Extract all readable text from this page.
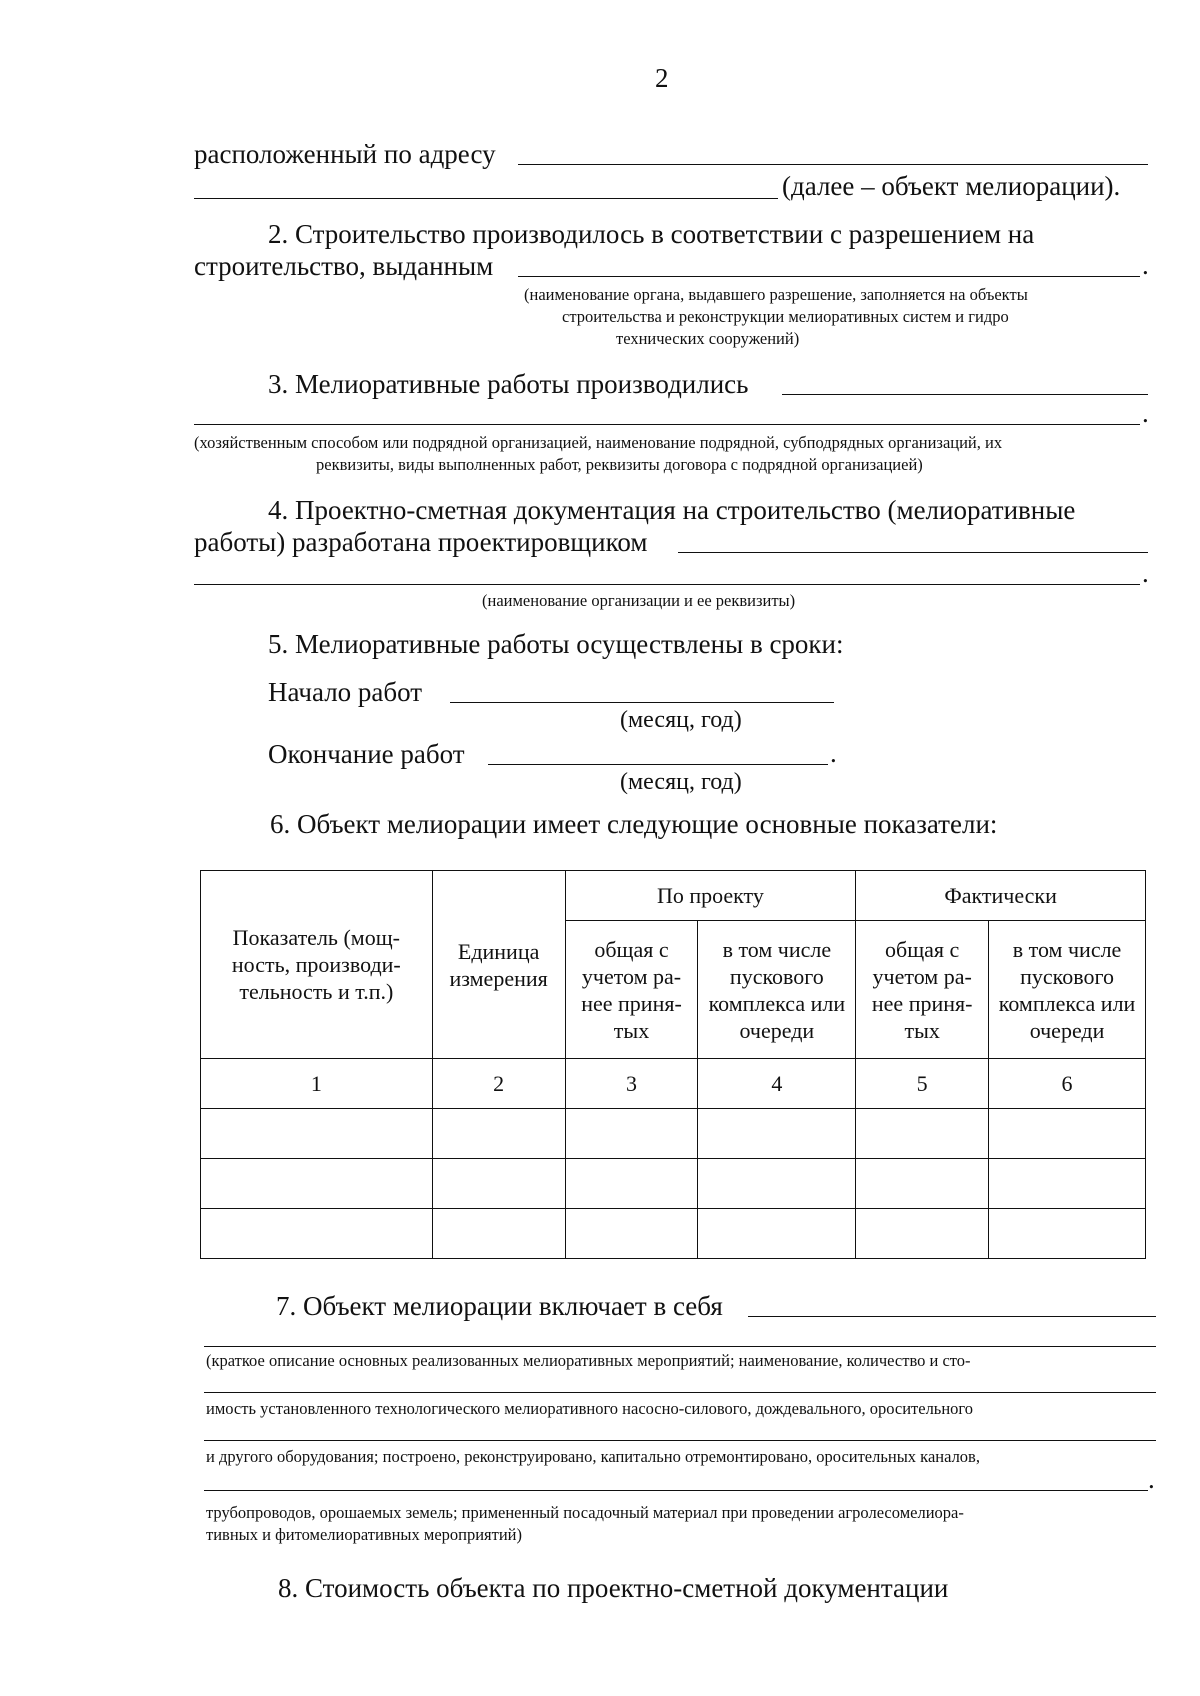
2
расположенный по адресу
(далее – объект мелиорации).
2. Строительство производилось в соответствии с разрешением на
строительство, выданным	.
(наименование органа, выдавшего разрешение, заполняется на объекты
строительства и реконструкции мелиоративных систем и гидро
технических сооружений)
3. Мелиоративные работы производились
.
(хозяйственным способом или подрядной организацией, наименование подрядной, субподрядных организаций, их
реквизиты, виды выполненных работ, реквизиты договора с подрядной организацией)
4. Проектно-сметная документация на строительство (мелиоративные
работы) разработана проектировщиком
.
(наименование организации и ее реквизиты)
5. Мелиоративные работы осуществлены в сроки:
Начало работ
(месяц, год)
Окончание работ	.
(месяц, год)
6. Объект мелиорации имеет следующие основные показатели:
Показатель (мощ-ность, производи-тельность и т.п.)	Единица измерения	По проекту		Фактически	
		общая с учетом ра-нее приня-тых	в том числе пускового комплекса или очереди	общая с учетом ра-нее приня-тых	в том числе пускового комплекса или очереди
1	2	3	4	5	6

7. Объект мелиорации включает в себя
(краткое описание основных реализованных мелиоративных мероприятий; наименование, количество и сто-
имость установленного технологического мелиоративного насосно-силового, дождевального, оросительного
и другого оборудования; построено, реконструировано, капитально отремонтировано, оросительных каналов,
.
трубопроводов, орошаемых земель; примененный посадочный материал при проведении агролесомелиора-
тивных и фитомелиоративных мероприятий)
8. Стоимость объекта по проектно-сметной документации
